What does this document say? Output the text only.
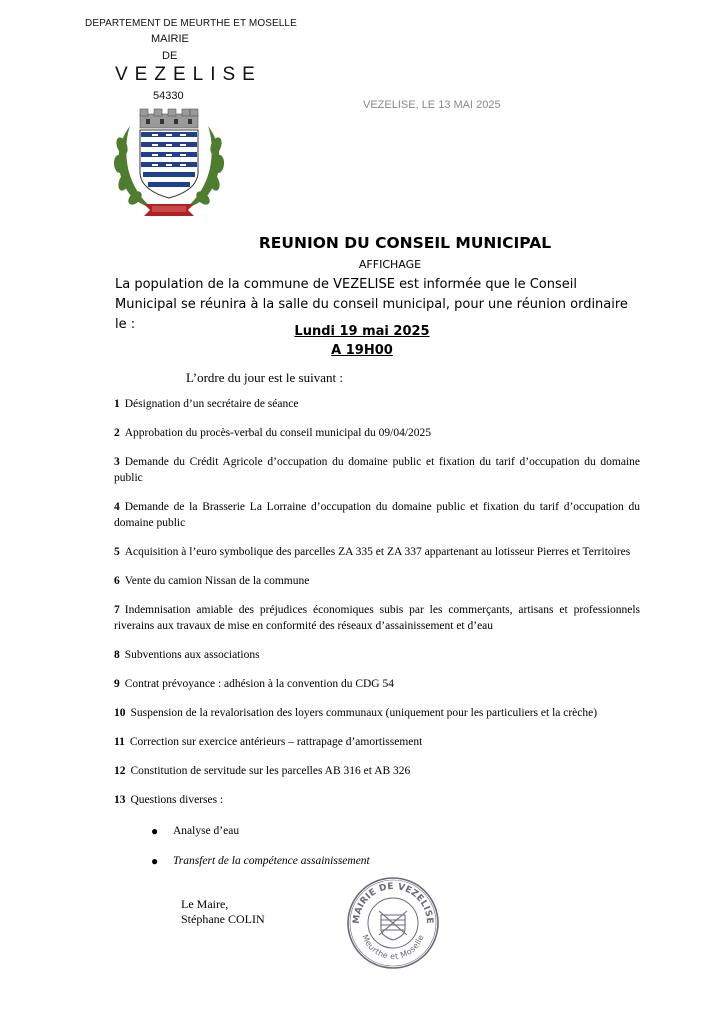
DEPARTEMENT DE MEURTHE ET MOSELLE
MAIRIE
DE
VEZELISE
54330
VEZELISE, LE 13 MAI 2025
REUNION DU CONSEIL MUNICIPAL
AFFICHAGE
La population de la commune de VEZELISE est informée que le Conseil Municipal se réunira à la salle du conseil municipal, pour une réunion ordinaire le :	Lundi 19 mai 2025
A 19H00
L’ordre du jour est le suivant :

1 Désignation d’un secrétaire de séance

2 Approbation du procès-verbal du conseil municipal du 09/04/2025

3 Demande du Crédit Agricole d’occupation du domaine public et fixation du tarif d’occupation du domaine public

4 Demande de la Brasserie La Lorraine d’occupation du domaine public et fixation du tarif d’occupation du domaine public

5 Acquisition à l’euro symbolique des parcelles ZA 335 et ZA 337 appartenant au lotisseur Pierres et Territoires

6 Vente du camion Nissan de la commune

7 Indemnisation amiable des préjudices économiques subis par les commerçants, artisans et professionnels riverains aux travaux de mise en conformité des réseaux d’assainissement et d’eau

8 Subventions aux associations

9 Contrat prévoyance : adhésion à la convention du CDG 54

10 Suspension de la revalorisation des loyers communaux (uniquement pour les particuliers et la crèche)

11 Correction sur exercice antérieurs – rattrapage d’amortissement

12 Constitution de servitude sur les parcelles AB 316 et AB 326

13 Questions diverses :

● Analyse d’eau
● Transfert de la compétence assainissement
Le Maire,
Stéphane COLIN	MAIRIE DE VEZELISE
Meurthe et Moselle
